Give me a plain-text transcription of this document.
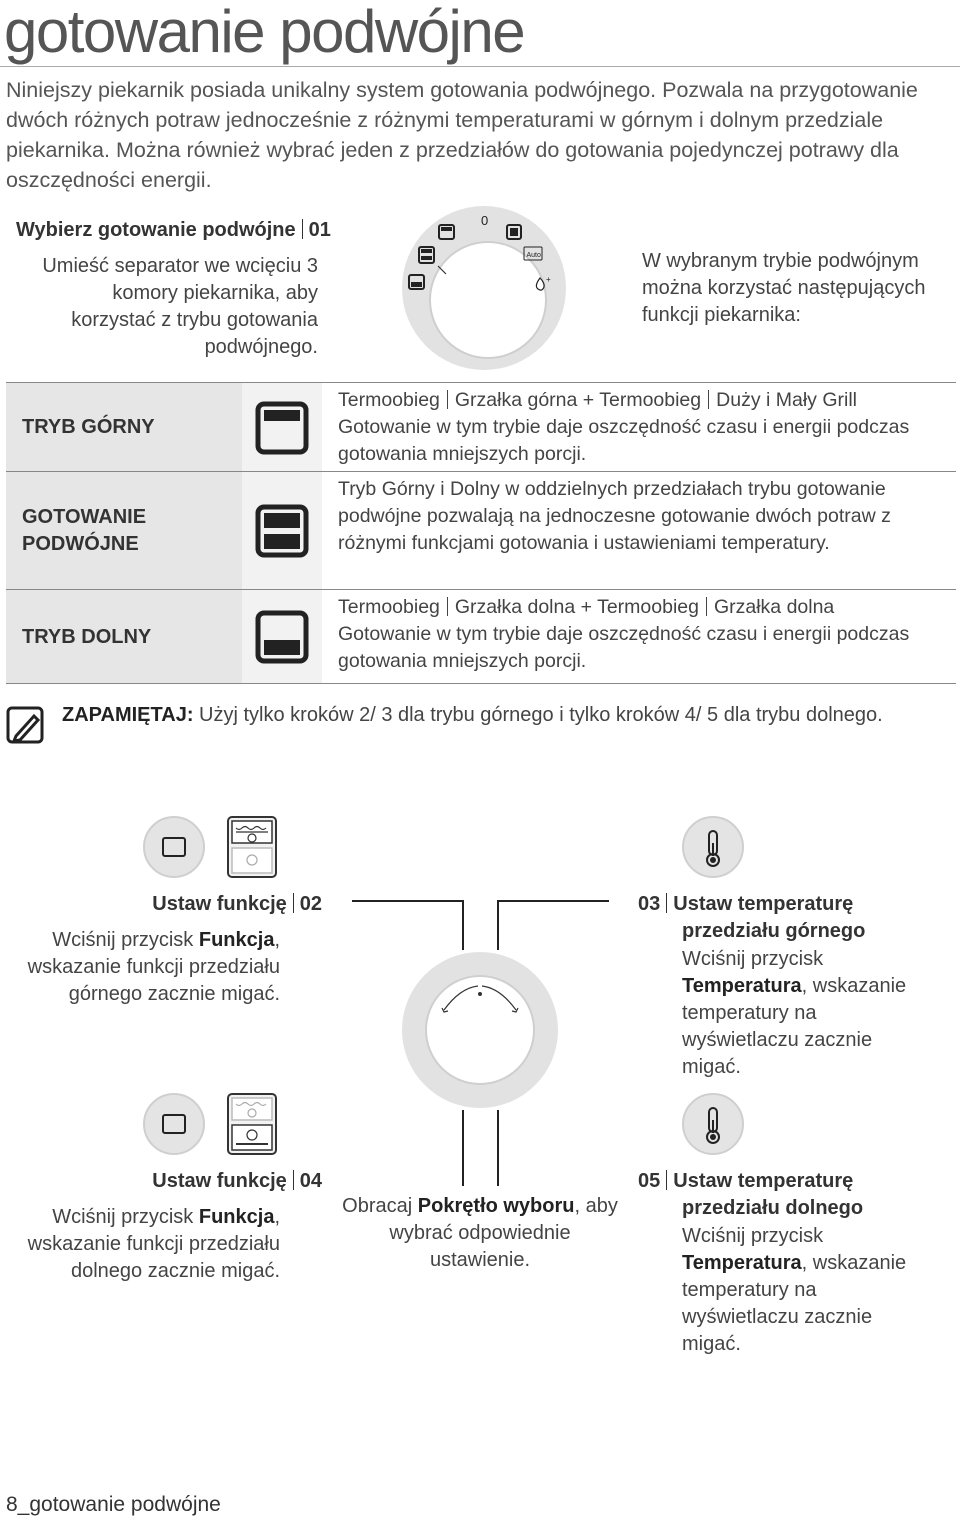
gotowanie podwójne
Niniejszy piekarnik posiada unikalny system gotowania podwójnego. Pozwala na przygotowanie dwóch różnych potraw jednocześnie z różnymi temperaturami w górnym i dolnym przedziale piekarnika. Można również wybrać jeden z przedziałów do gotowania pojedynczej potrawy dla oszczędności energii.
Wybierz gotowanie podwójne 01
Umieść separator we wcięciu 3 komory piekarnika, aby korzystać z trybu gotowania podwójnego.
0
Auto
+
W wybranym trybie podwójnym można korzystać następujących funkcji piekarnika:
TRYB GÓRNY
Termoobieg Grzałka górna + Termoobieg Duży i Mały Grill
Gotowanie w tym trybie daje oszczędność czasu i energii podczas gotowania mniejszych porcji.
GOTOWANIE PODWÓJNE
Tryb Górny i Dolny w oddzielnych przedziałach trybu gotowanie podwójne pozwalają na jednoczesne gotowanie dwóch potraw z różnymi funkcjami gotowania i ustawieniami temperatury.
TRYB DOLNY
Termoobieg Grzałka dolna + Termoobieg Grzałka dolna
Gotowanie w tym trybie daje oszczędność czasu i energii podczas gotowania mniejszych porcji.
ZAPAMIĘTAJ: Użyj tylko kroków 2/ 3 dla trybu górnego i tylko kroków 4/ 5 dla trybu dolnego.
Ustaw funkcję 02
Wciśnij przycisk Funkcja, wskazanie funkcji przedziału górnego zacznie migać.
03 Ustaw temperaturę
przedziału górnego
Wciśnij przycisk Temperatura, wskazanie temperatury na wyświetlaczu zacznie migać.
Ustaw funkcję 04
Wciśnij przycisk Funkcja, wskazanie funkcji przedziału dolnego zacznie migać.
Obracaj Pokrętło wyboru, aby wybrać odpowiednie ustawienie.
05 Ustaw temperaturę
przedziału dolnego
Wciśnij przycisk Temperatura, wskazanie temperatury na wyświetlaczu zacznie migać.
8_gotowanie podwójne
